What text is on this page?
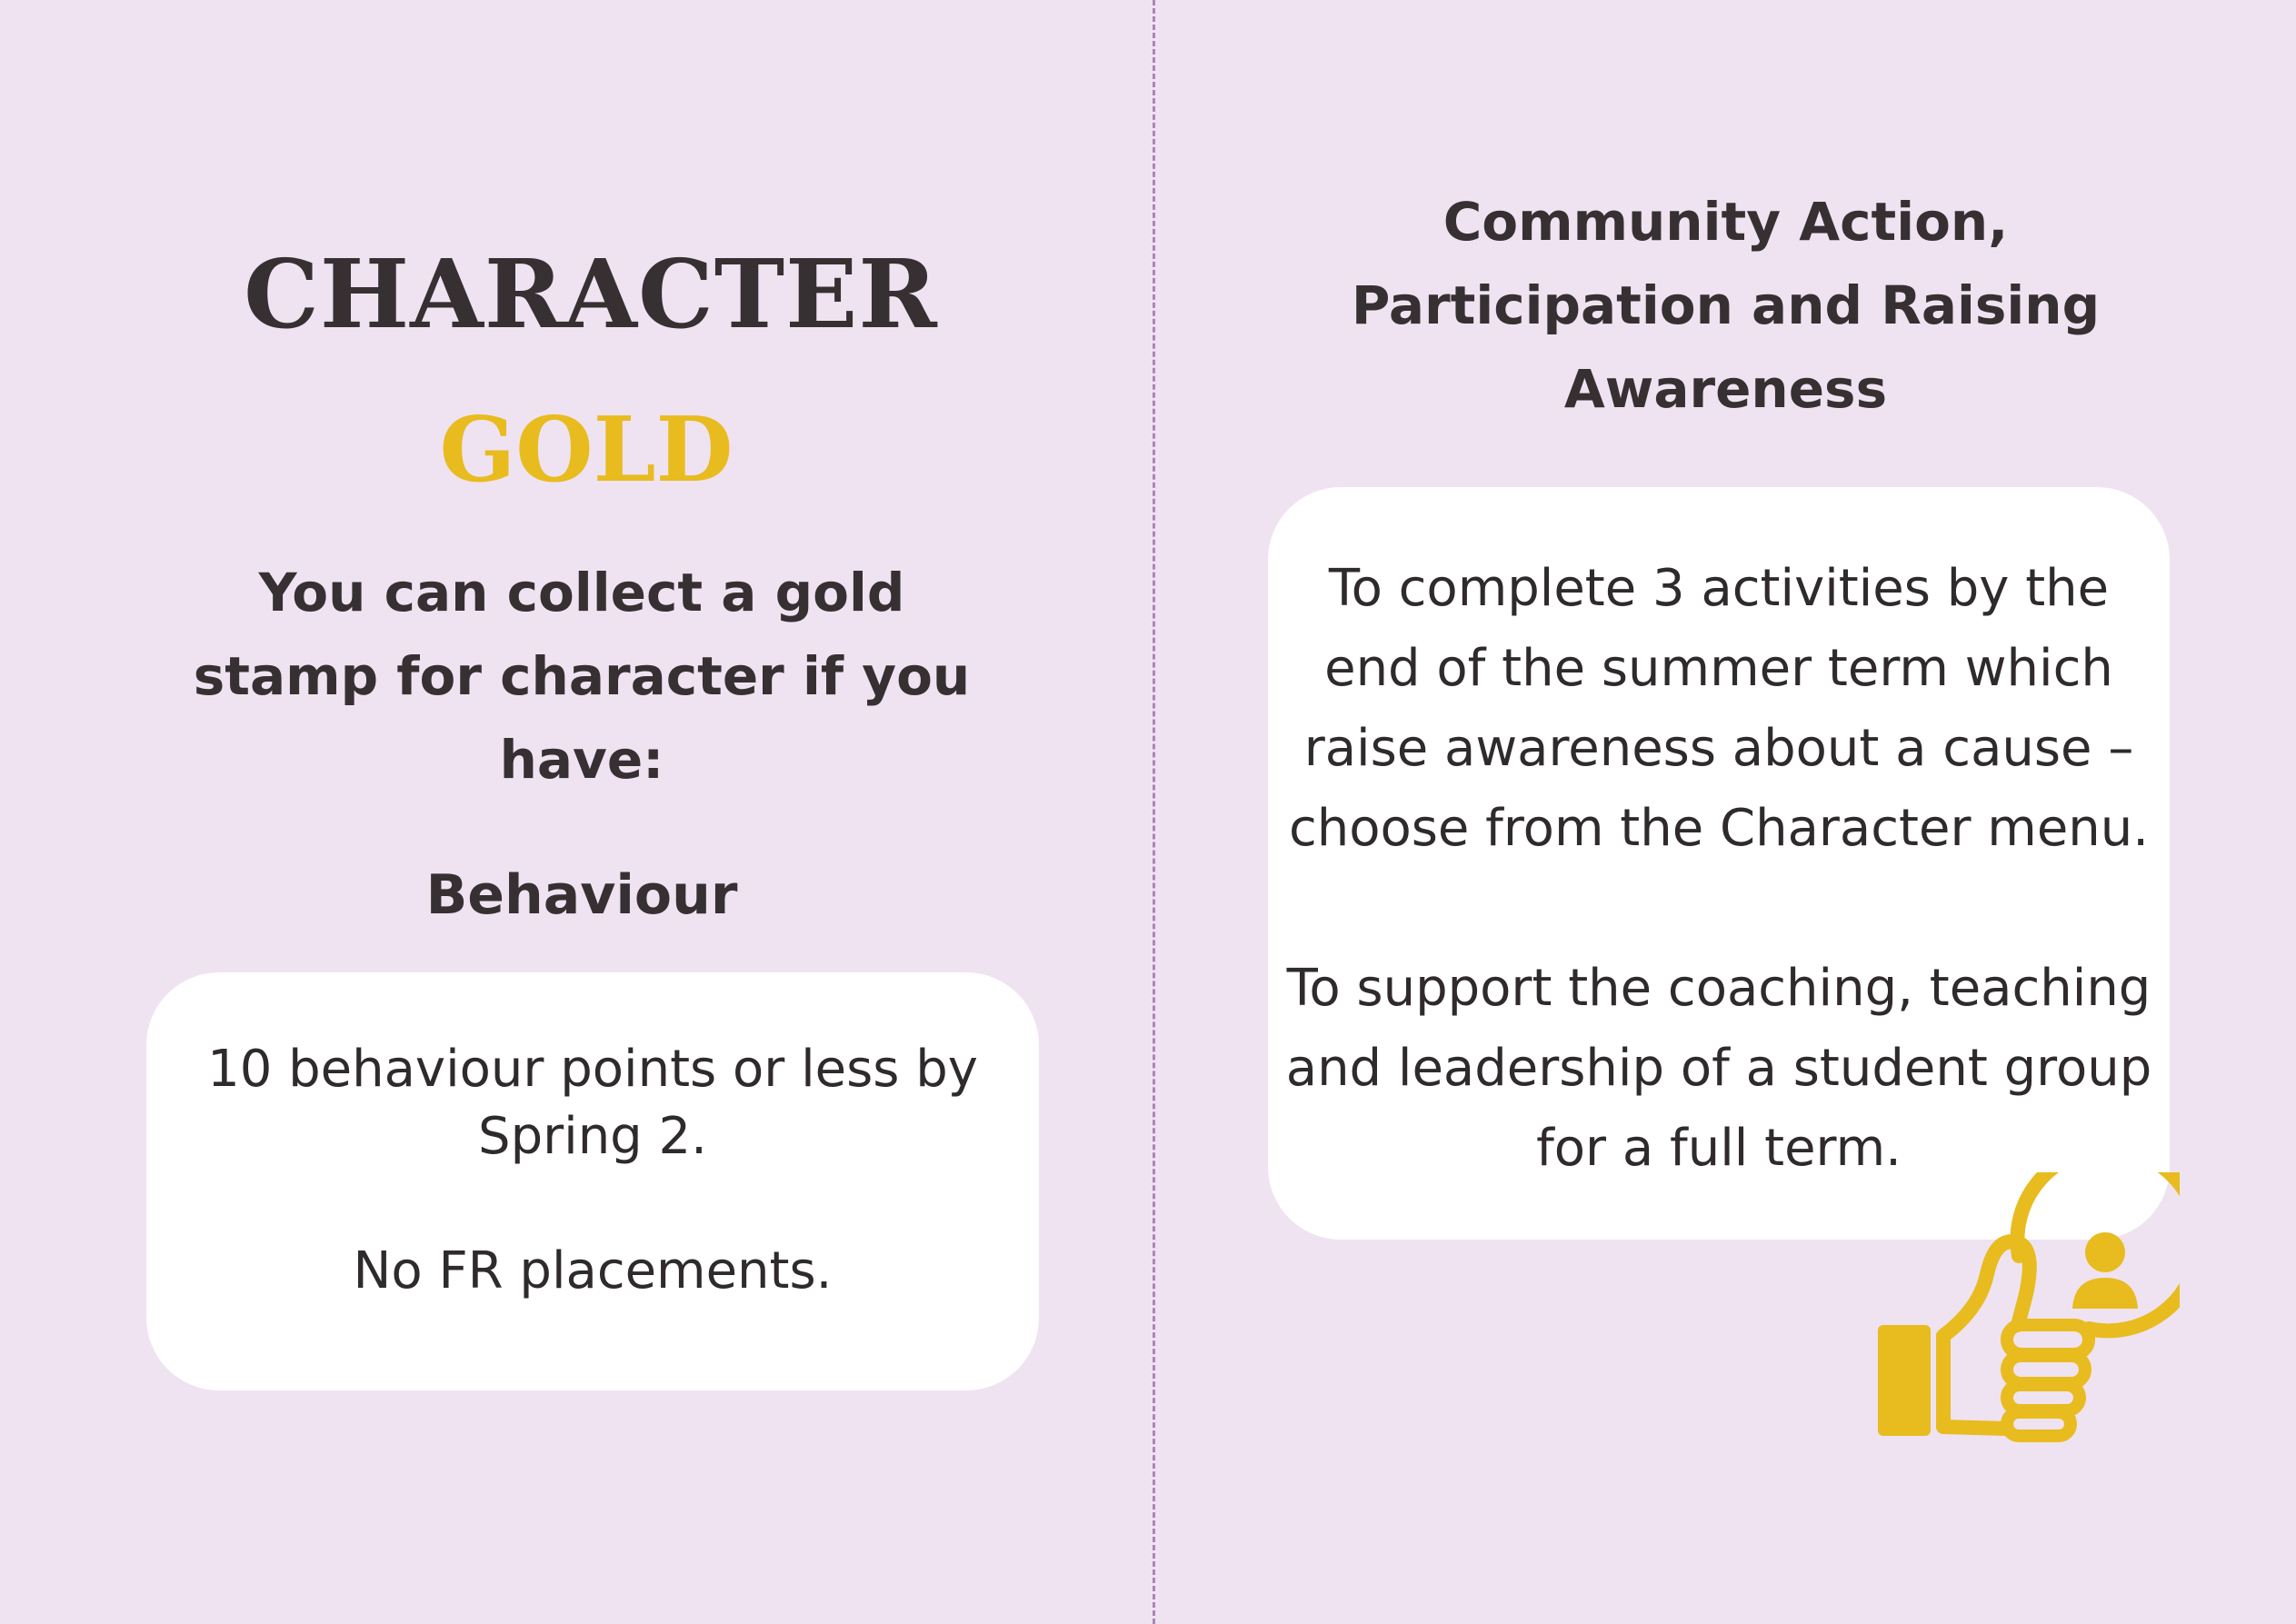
CHARACTER
GOLD

You can collect a gold stamp for character if you have:

Behaviour

10 behaviour points or less by

Spring 2.

No FR placements.

Community Action,
Participation and Raising
Awareness

To complete 3 activities by the

end of the summer term which

raise awareness about a cause –

choose from the Character menu.

To support the coaching, teaching

and leadership of a student group

for a full term.
